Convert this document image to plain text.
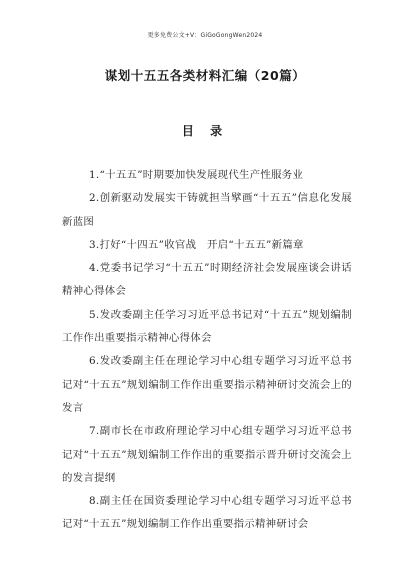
更多免费公文+V：GiGoGongWen2024
谋划十五五各类材料汇编（20篇）
目 录
1.“十五五”时期要加快发展现代生产性服务业
2.创新驱动发展实干铸就担当擘画“十五五”信息化发展新蓝图
3.打好“十四五”收官战　开启“十五五”新篇章
4.党委书记学习“十五五”时期经济社会发展座谈会讲话精神心得体会
5.发改委副主任学习习近平总书记对“十五五”规划编制工作作出重要指示精神心得体会
6.发改委副主任在理论学习中心组专题学习习近平总书记对“十五五”规划编制工作作出重要指示精神研讨交流会上的发言
7.副市长在市政府理论学习中心组专题学习习近平总书记对“十五五”规划编制工作作出的重要指示晋升研讨交流会上的发言提纲
8.副主任在国资委理论学习中心组专题学习习近平总书记对“十五五”规划编制工作作出重要指示精神研讨会
